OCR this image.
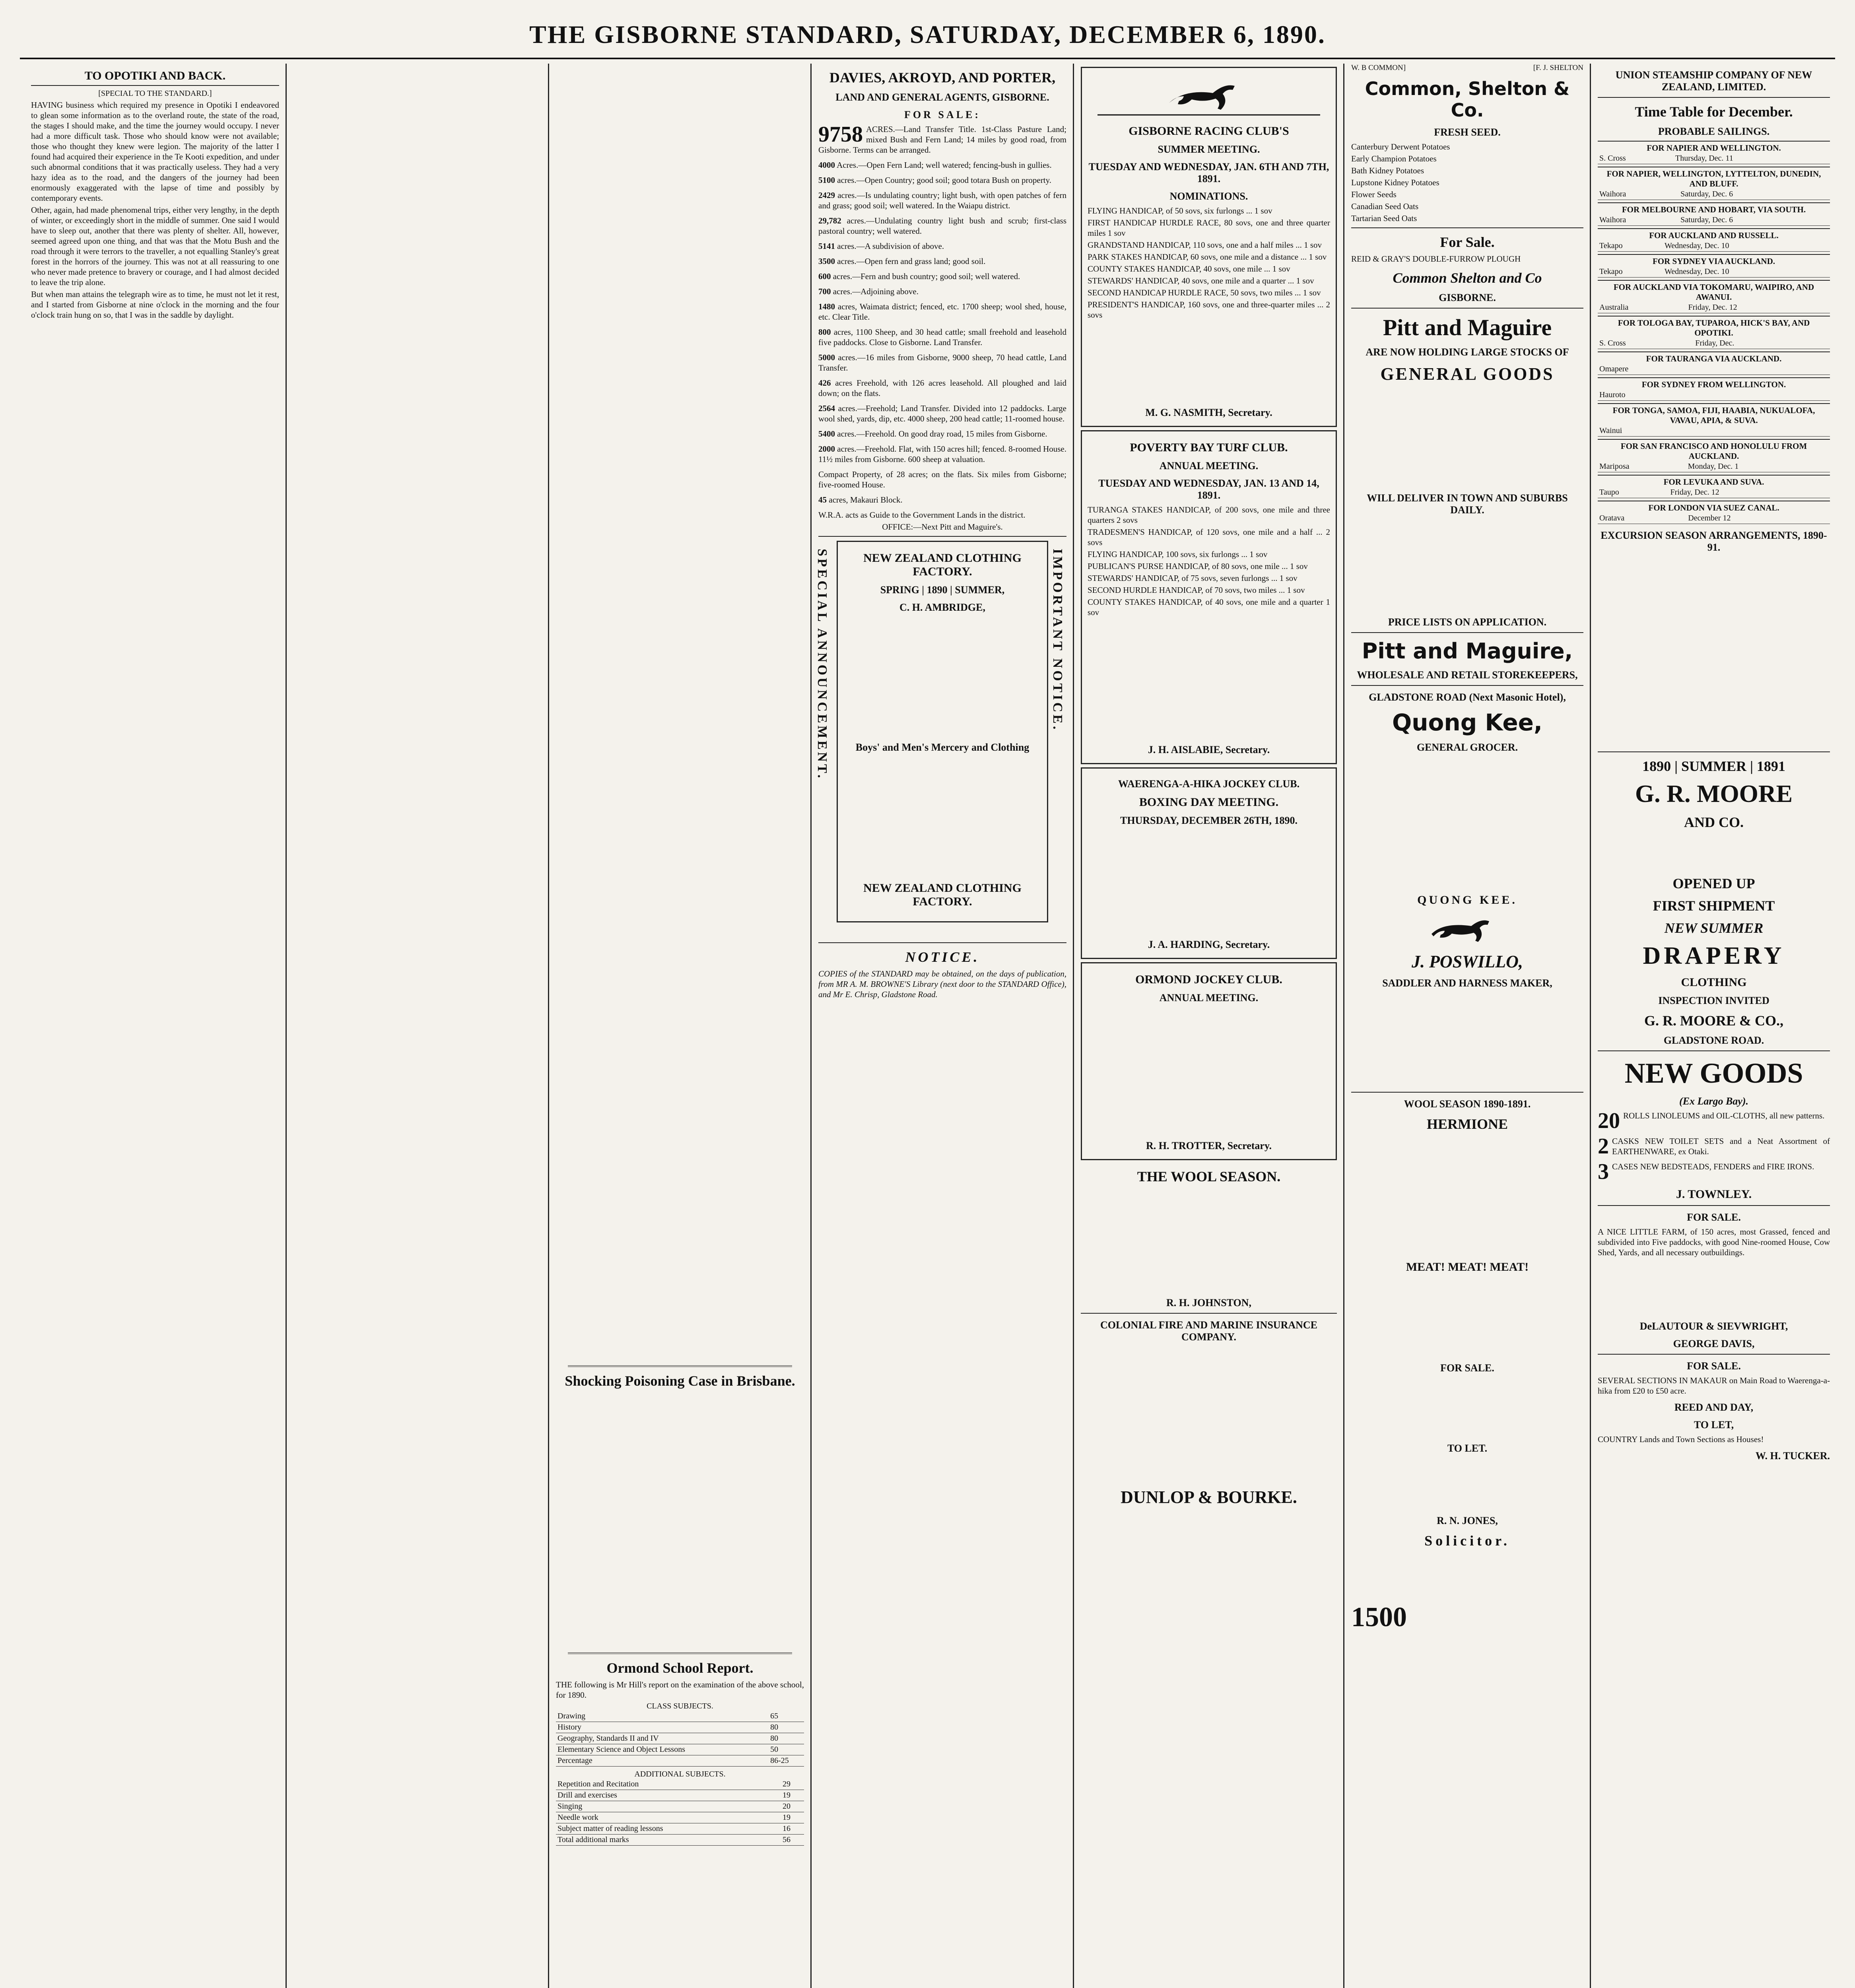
THE GISBORNE STANDARD, SATURDAY, DECEMBER 6, 1890.
TO OPOTIKI AND BACK.
[SPECIAL TO THE STANDARD.]

HAVING business which required my presence in Opotiki I endeavored to glean some information as to the overland route, the state of the road, the stages I should make, and the time the journey would occupy. I never had a more difficult task. Those who should know were not available; those who thought they knew were legion. The majority of the latter I found had acquired their experience in the Te Kooti expedition, and under such abnormal conditions that it was practically useless. They had a very hazy idea as to the road, and the dangers of the journey had been enormously exaggerated with the lapse of time and possibly by contemporary events.

Other, again, had made phenomenal trips, either very lengthy, in the depth of winter, or exceedingly short in the middle of summer. One said I would have to sleep out, another that there was plenty of shelter. All, however, seemed agreed upon one thing, and that was that the Motu Bush and the road through it were terrors to the traveller, a not equalling Stanley's great forest in the horrors of the journey. This was not at all reassuring to one who never made pretence to bravery or courage, and I had almost decided to leave the trip alone.

But when man attains the telegraph wire as to time, he must not let it rest, and I started from Gisborne at nine o'clock in the morning and the four o'clock train hung on so, that I was in the saddle by daylight.

Shocking Poisoning Case in Brisbane.
Ormond School Report.

THE following is Mr Hill's report on the examination of the above school, for 1890.

CLASS SUBJECTS.
Drawing	65
History	80
Geography, Standards II and IV	80
Elementary Science and Object Lessons	50
Percentage	86-25
ADDITIONAL SUBJECTS.
Repetition and Recitation	29
Drill and exercises	19
Singing	20
Needle work	19
Subject matter of reading lessons	16
Total additional marks	56
DAVIES, AKROYD, AND PORTER,
LAND AND GENERAL AGENTS, GISBORNE.
FOR SALE:
9758 ACRES.—Land Transfer Title. 1st-Class Pasture Land; mixed Bush and Fern Land; 14 miles by good road, from Gisborne. Terms can be arranged.
4000 Acres.—Open Fern Land; well watered; fencing-bush in gullies.
5100 acres.—Open Country; good soil; good totara Bush on property.
2429 acres.—Is undulating country; light bush, with open patches of fern and grass; good soil; well watered. In the Waiapu district.
29,782 acres.—Undulating country light bush and scrub; first-class pastoral country; well watered.
5141 acres.—A subdivision of above.
3500 acres.—Open fern and grass land; good soil.
600 acres.—Fern and bush country; good soil; well watered.
700 acres.—Adjoining above.
1480 acres, Waimata district; fenced, etc. 1700 sheep; wool shed, house, etc. Clear Title.
800 acres, 1100 Sheep, and 30 head cattle; small freehold and leasehold five paddocks. Close to Gisborne. Land Transfer.
5000 acres.—16 miles from Gisborne, 9000 sheep, 70 head cattle, Land Transfer.
426 acres Freehold, with 126 acres leasehold. All ploughed and laid down; on the flats.
2564 acres.—Freehold; Land Transfer. Divided into 12 paddocks. Large wool shed, yards, dip, etc. 4000 sheep, 200 head cattle; 11-roomed house.
5400 acres.—Freehold. On good dray road, 15 miles from Gisborne.
2000 acres.—Freehold. Flat, with 150 acres hill; fenced. 8-roomed House. 11½ miles from Gisborne. 600 sheep at valuation.
Compact Property, of 28 acres; on the flats. Six miles from Gisborne; five-roomed House.
45 acres, Makauri Block.

W.R.A. acts as Guide to the Government Lands in the district.

OFFICE:—Next Pitt and Maguire's.

SPECIAL ANNOUNCEMENT.	IMPORTANT NOTICE.
NEW ZEALAND CLOTHING FACTORY.
SPRING | 1890 | SUMMER,
C. H. AMBRIDGE,
Boys' and Men's Mercery and Clothing
NEW ZEALAND CLOTHING FACTORY.
NOTICE.

COPIES of the STANDARD may be obtained, on the days of publication, from MR A. M. BROWNE'S Library (next door to the STANDARD Office), and Mr E. Chrisp, Gladstone Road.

GISBORNE RACING CLUB'S
SUMMER MEETING.
TUESDAY AND WEDNESDAY, JAN. 6TH AND 7TH, 1891.
NOMINATIONS.

FLYING HANDICAP, of 50 sovs, six furlongs ... 1 sov

FIRST HANDICAP HURDLE RACE, 80 sovs, one and three quarter miles 1 sov

GRANDSTAND HANDICAP, 110 sovs, one and a half miles ... 1 sov

PARK STAKES HANDICAP, 60 sovs, one mile and a distance ... 1 sov

COUNTY STAKES HANDICAP, 40 sovs, one mile ... 1 sov

STEWARDS' HANDICAP, 40 sovs, one mile and a quarter ... 1 sov

SECOND HANDICAP HURDLE RACE, 50 sovs, two miles ... 1 sov

PRESIDENT'S HANDICAP, 160 sovs, one and three-quarter miles ... 2 sovs

M. G. NASMITH, Secretary.
POVERTY BAY TURF CLUB.
ANNUAL MEETING.
TUESDAY AND WEDNESDAY, JAN. 13 AND 14, 1891.

TURANGA STAKES HANDICAP, of 200 sovs, one mile and three quarters 2 sovs

TRADESMEN'S HANDICAP, of 120 sovs, one mile and a half ... 2 sovs

FLYING HANDICAP, 100 sovs, six furlongs ... 1 sov

PUBLICAN'S PURSE HANDICAP, of 80 sovs, one mile ... 1 sov

STEWARDS' HANDICAP, of 75 sovs, seven furlongs ... 1 sov

SECOND HURDLE HANDICAP, of 70 sovs, two miles ... 1 sov

COUNTY STAKES HANDICAP, of 40 sovs, one mile and a quarter 1 sov

J. H. AISLABIE, Secretary.
WAERENGA-A-HIKA JOCKEY CLUB.
BOXING DAY MEETING.
THURSDAY, DECEMBER 26TH, 1890.
J. A. HARDING, Secretary.
ORMOND JOCKEY CLUB.
ANNUAL MEETING.
R. H. TROTTER, Secretary.
THE WOOL SEASON.
R. H. JOHNSTON,
COLONIAL FIRE AND MARINE INSURANCE COMPANY.
DUNLOP & BOURKE.
W. B COMMON]	[F. J. SHELTON
Common, Shelton & Co.
FRESH SEED.

Canterbury Derwent Potatoes

Early Champion Potatoes

Bath Kidney Potatoes

Lupstone Kidney Potatoes

Flower Seeds

Canadian Seed Oats

Tartarian Seed Oats

For Sale.

REID & GRAY'S DOUBLE-FURROW PLOUGH

Common Shelton and Co
GISBORNE.
Pitt and Maguire
ARE NOW HOLDING LARGE STOCKS OF
GENERAL GOODS
WILL DELIVER IN TOWN AND SUBURBS DAILY.
PRICE LISTS ON APPLICATION.
Pitt and Maguire,
WHOLESALE AND RETAIL STOREKEEPERS,
GLADSTONE ROAD (Next Masonic Hotel),
Quong Kee,
GENERAL GROCER.
QUONG KEE.
J. POSWILLO,
SADDLER AND HARNESS MAKER,
WOOL SEASON 1890-1891.
HERMIONE
MEAT! MEAT! MEAT!
FOR SALE.
TO LET.
R. N. JONES,
Solicitor.
1500
UNION STEAMSHIP COMPANY OF NEW ZEALAND, LIMITED.
Time Table for December.
PROBABLE SAILINGS.
FOR NAPIER AND WELLINGTON.
S. Cross	Thursday, Dec. 11
FOR NAPIER, WELLINGTON, LYTTELTON, DUNEDIN, AND BLUFF.
Waihora	Saturday, Dec. 6
FOR MELBOURNE AND HOBART, VIA SOUTH.
Waihora	Saturday, Dec. 6
FOR AUCKLAND AND RUSSELL.
Tekapo	Wednesday, Dec. 10
FOR SYDNEY VIA AUCKLAND.
Tekapo	Wednesday, Dec. 10
FOR AUCKLAND VIA TOKOMARU, WAIPIRO, AND AWANUI.
Australia	Friday, Dec. 12
FOR TOLOGA BAY, TUPAROA, HICK'S BAY, AND OPOTIKI.
S. Cross	Friday, Dec.
FOR TAURANGA VIA AUCKLAND.
Omapere	
FOR SYDNEY FROM WELLINGTON.
Hauroto	
FOR TONGA, SAMOA, FIJI, HAABIA, NUKUALOFA, VAVAU, APIA, & SUVA.
Wainui	
FOR SAN FRANCISCO AND HONOLULU FROM AUCKLAND.
Mariposa	Monday, Dec. 1
FOR LEVUKA AND SUVA.
Taupo	Friday, Dec. 12
FOR LONDON VIA SUEZ CANAL.
Oratava	December 12
EXCURSION SEASON ARRANGEMENTS, 1890-91.
1890 | SUMMER | 1891
G. R. MOORE
AND CO.
OPENED UP
FIRST SHIPMENT
NEW SUMMER
DRAPERY
CLOTHING
INSPECTION INVITED
G. R. MOORE & CO.,
GLADSTONE ROAD.
NEW GOODS
(Ex Largo Bay).
20 ROLLS LINOLEUMS and OIL-CLOTHS, all new patterns.
2 CASKS NEW TOILET SETS and a Neat Assortment of EARTHENWARE, ex Otaki.
3 CASES NEW BEDSTEADS, FENDERS and FIRE IRONS.
J. TOWNLEY.
FOR SALE.

A NICE LITTLE FARM, of 150 acres, most Grassed, fenced and subdivided into Five paddocks, with good Nine-roomed House, Cow Shed, Yards, and all necessary outbuildings.

DeLAUTOUR & SIEVWRIGHT,
GEORGE DAVIS,
FOR SALE.

SEVERAL SECTIONS IN MAKAUR on Main Road to Waerenga-a-hika from £20 to £50 acre.

REED AND DAY,
TO LET,

COUNTRY Lands and Town Sections as Houses!

W. H. TUCKER.
